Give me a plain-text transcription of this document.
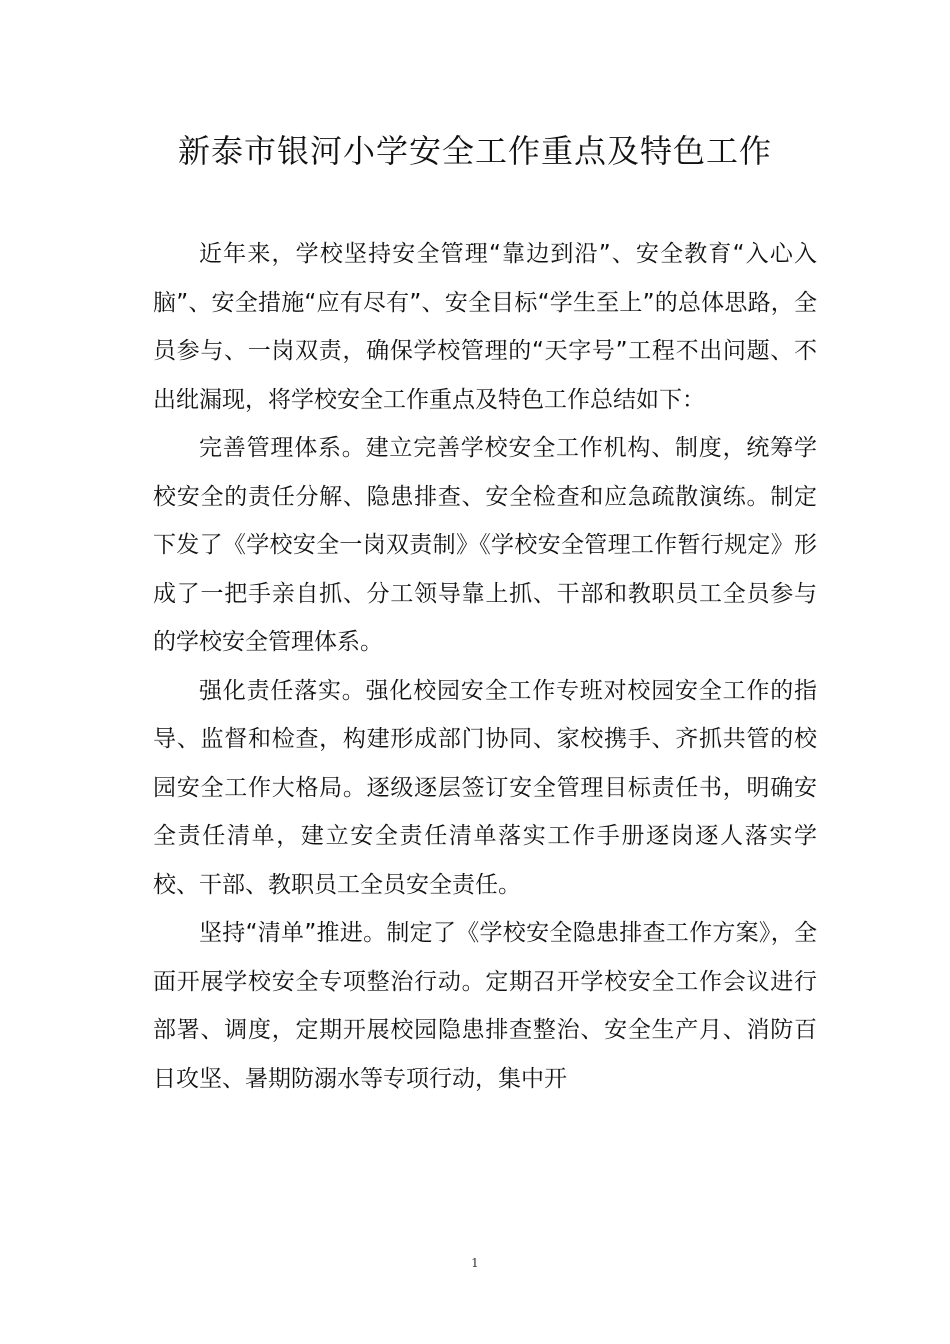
新泰市银河小学安全工作重点及特色工作

近年来，学校坚持安全管理“靠边到沿”、安全教育“入心入脑”、安全措施“应有尽有”、安全目标“学生至上”的总体思路，全员参与、一岗双责，确保学校管理的“天字号”工程不出问题、不出纰漏现，将学校安全工作重点及特色工作总结如下：

完善管理体系。建立完善学校安全工作机构、制度，统筹学校安全的责任分解、隐患排查、安全检查和应急疏散演练。制定下发了《学校安全一岗双责制》《学校安全管理工作暂行规定》形成了一把手亲自抓、分工领导靠上抓、干部和教职员工全员参与的学校安全管理体系。

强化责任落实。强化校园安全工作专班对校园安全工作的指导、监督和检查，构建形成部门协同、家校携手、齐抓共管的校园安全工作大格局。逐级逐层签订安全管理目标责任书，明确安全责任清单，建立安全责任清单落实工作手册逐岗逐人落实学校、干部、教职员工全员安全责任。

坚持“清单”推进。制定了《学校安全隐患排查工作方案》，全面开展学校安全专项整治行动。定期召开学校安全工作会议进行部署、调度，定期开展校园隐患排查整治、安全生产月、消防百日攻坚、暑期防溺水等专项行动，集中开

1
